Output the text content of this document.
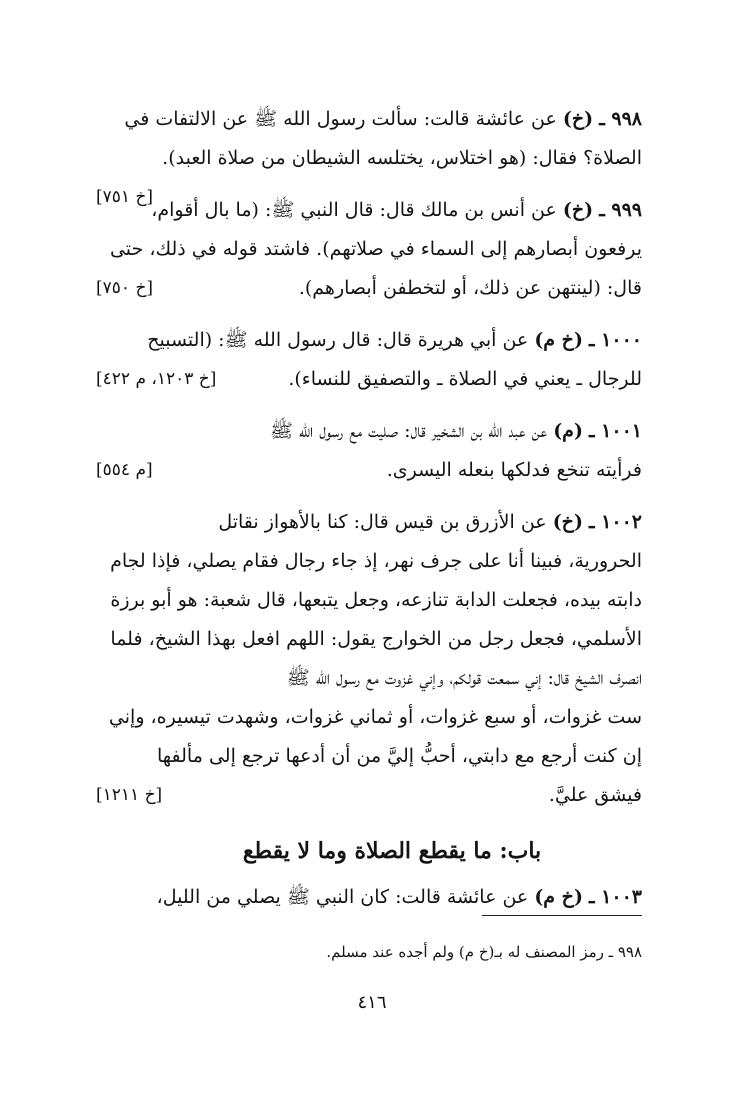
٩٩٨ ـ (خ) عن عائشة قالت: سألت رسول الله ﷺ عن الالتفات في
الصلاة؟ فقال: (هو اختلاس، يختلسه الشيطان من صلاة العبد).
[خ ٧٥١]
٩٩٩ ـ (خ) عن أنس بن مالك قال: قال النبي ﷺ: (ما بال أقوام،
يرفعون أبصارهم إلى السماء في صلاتهم). فاشتد قوله في ذلك، حتى
قال: (لينتهن عن ذلك، أو لتخطفن أبصارهم).
[خ ٧٥٠]
١٠٠٠ ـ (خ م) عن أبي هريرة قال: قال رسول الله ﷺ: (التسبيح
للرجال ـ يعني في الصلاة ـ والتصفيق للنساء).
[خ ١٢٠٣، م ٤٢٢]
١٠٠١ ـ (م) عن عبد الله بن الشخير قال: صليت مع رسول الله ﷺ
فرأيته تنخع فدلكها بنعله اليسرى.
[م ٥٥٤]
١٠٠٢ ـ (خ) عن الأزرق بن قيس قال: كنا بالأهواز نقاتل
الحرورية، فبينا أنا على جرف نهر، إذ جاء رجال فقام يصلي، فإذا لجام
دابته بيده، فجعلت الدابة تنازعه، وجعل يتبعها، قال شعبة: هو أبو برزة
الأسلمي، فجعل رجل من الخوارج يقول: اللهم افعل بهذا الشيخ، فلما
انصرف الشيخ قال: إني سمعت قولكم، وإني غزوت مع رسول الله ﷺ
ست غزوات، أو سبع غزوات، أو ثماني غزوات، وشهدت تيسيره، وإني
إن كنت أرجع مع دابتي، أحبُّ إليَّ من أن أدعها ترجع إلى مألفها
فيشق عليَّ.
[خ ١٢١١]
باب: ما يقطع الصلاة وما لا يقطع
١٠٠٣ ـ (خ م) عن عائشة قالت: كان النبي ﷺ يصلي من الليل،
٩٩٨ ـ رمز المصنف له بـ(خ م) ولم أجده عند مسلم.
٤١٦
